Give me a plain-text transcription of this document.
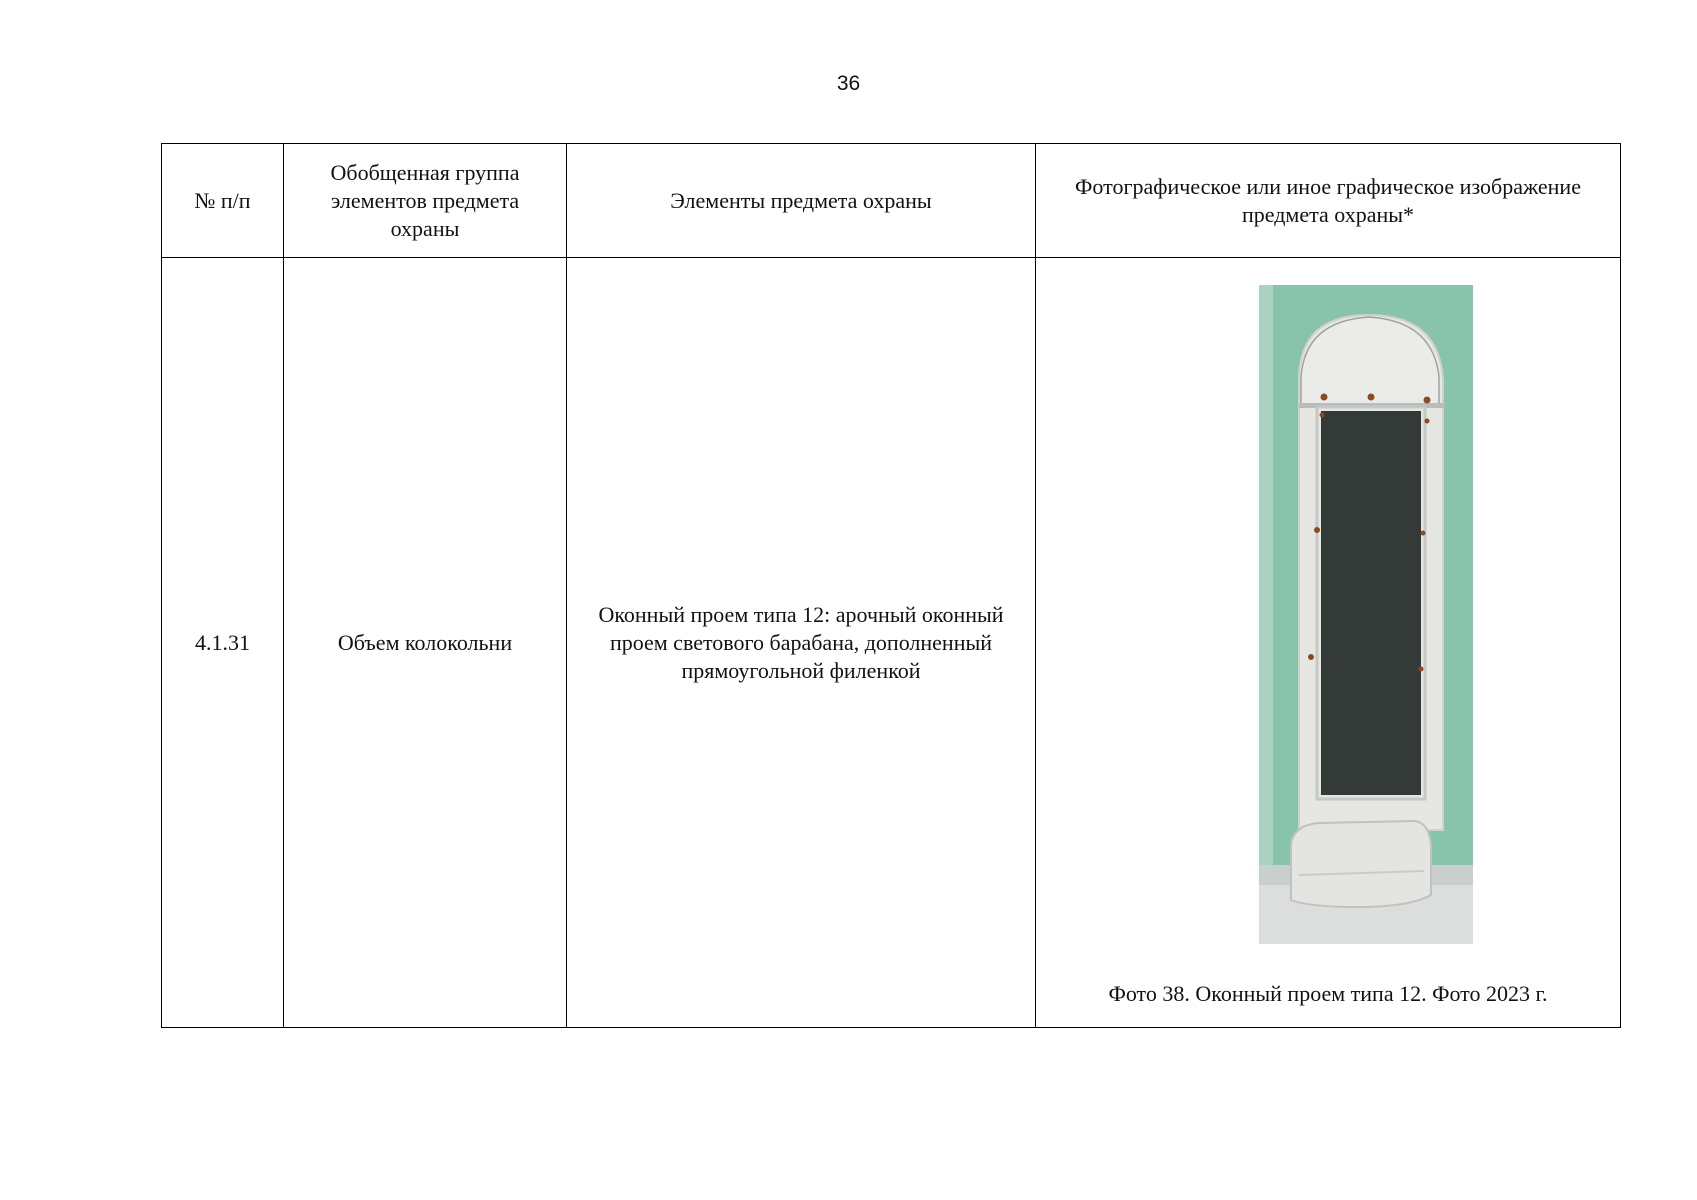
36
№ п/п	Обобщенная группа элементов предмета охраны	Элементы предмета охраны	Фотографическое или иное графическое изображение предмета охраны*
4.1.31	Объем колокольни	Оконный проем типа 12: арочный оконный проем светового барабана, дополненный прямоугольной филенкой	Фото 38. Оконный проем типа 12. Фото 2023 г.
